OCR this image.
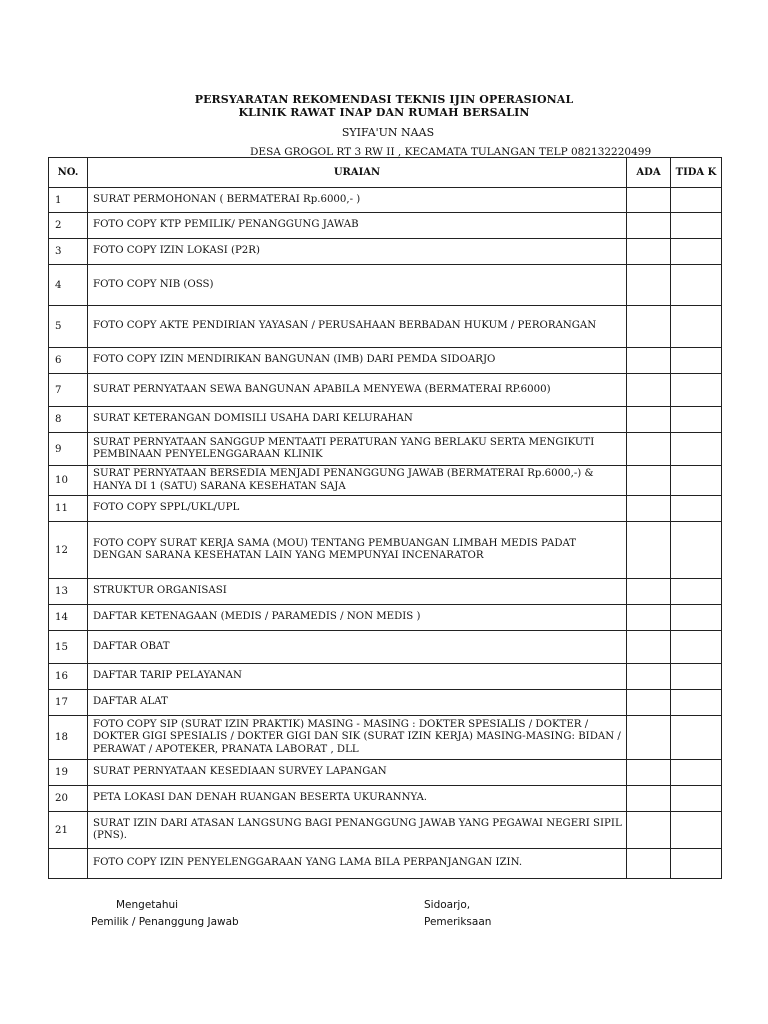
PERSYARATAN REKOMENDASI TEKNIS IJIN OPERASIONAL
KLINIK RAWAT INAP DAN RUMAH BERSALIN
SYIFA'UN NAAS
DESA GROGOL RT 3 RW II , KECAMATA TULANGAN TELP 082132220499
NO.	URAIAN	ADA	TIDA K
1	SURAT PERMOHONAN ( BERMATERAI Rp.6000,- )		
2	FOTO COPY KTP PEMILIK/ PENANGGUNG JAWAB		
3	FOTO COPY IZIN LOKASI (P2R)		
4	FOTO COPY NIB (OSS)		
5	FOTO COPY AKTE PENDIRIAN YAYASAN / PERUSAHAAN BERBADAN HUKUM / PERORANGAN		
6	FOTO COPY IZIN MENDIRIKAN BANGUNAN (IMB) DARI PEMDA SIDOARJO		
7	SURAT PERNYATAAN SEWA BANGUNAN APABILA MENYEWA (BERMATERAI RP.6000)		
8	SURAT KETERANGAN DOMISILI USAHA DARI KELURAHAN		
9	SURAT PERNYATAAN SANGGUP MENTAATI PERATURAN YANG BERLAKU SERTA MENGIKUTI PEMBINAAN PENYELENGGARAAN KLINIK		
10	SURAT PERNYATAAN BERSEDIA MENJADI PENANGGUNG JAWAB (BERMATERAI Rp.6000,-) & HANYA DI 1 (SATU) SARANA KESEHATAN SAJA		
11	FOTO COPY SPPL/UKL/UPL		
12	FOTO COPY SURAT KERJA SAMA (MOU) TENTANG PEMBUANGAN LIMBAH MEDIS PADAT DENGAN SARANA KESEHATAN LAIN YANG MEMPUNYAI INCENARATOR		
13	STRUKTUR ORGANISASI		
14	DAFTAR KETENAGAAN (MEDIS / PARAMEDIS / NON MEDIS )		
15	DAFTAR OBAT		
16	DAFTAR TARIP PELAYANAN		
17	DAFTAR ALAT		
18	FOTO COPY SIP (SURAT IZIN PRAKTIK) MASING - MASING : DOKTER SPESIALIS / DOKTER / DOKTER GIGI SPESIALIS / DOKTER GIGI DAN SIK (SURAT IZIN KERJA) MASING-MASING: BIDAN / PERAWAT / APOTEKER, PRANATA LABORAT , DLL		
19	SURAT PERNYATAAN KESEDIAAN SURVEY LAPANGAN		
20	PETA LOKASI DAN DENAH RUANGAN BESERTA UKURANNYA.		
21	SURAT IZIN DARI ATASAN LANGSUNG BAGI PENANGGUNG JAWAB YANG PEGAWAI NEGERI SIPIL (PNS).		
	FOTO COPY IZIN PENYELENGGARAAN YANG LAMA BILA PERPANJANGAN IZIN.		
Mengetahui
Pemilik / Penanggung Jawab
Sidoarjo,
Pemeriksaan
